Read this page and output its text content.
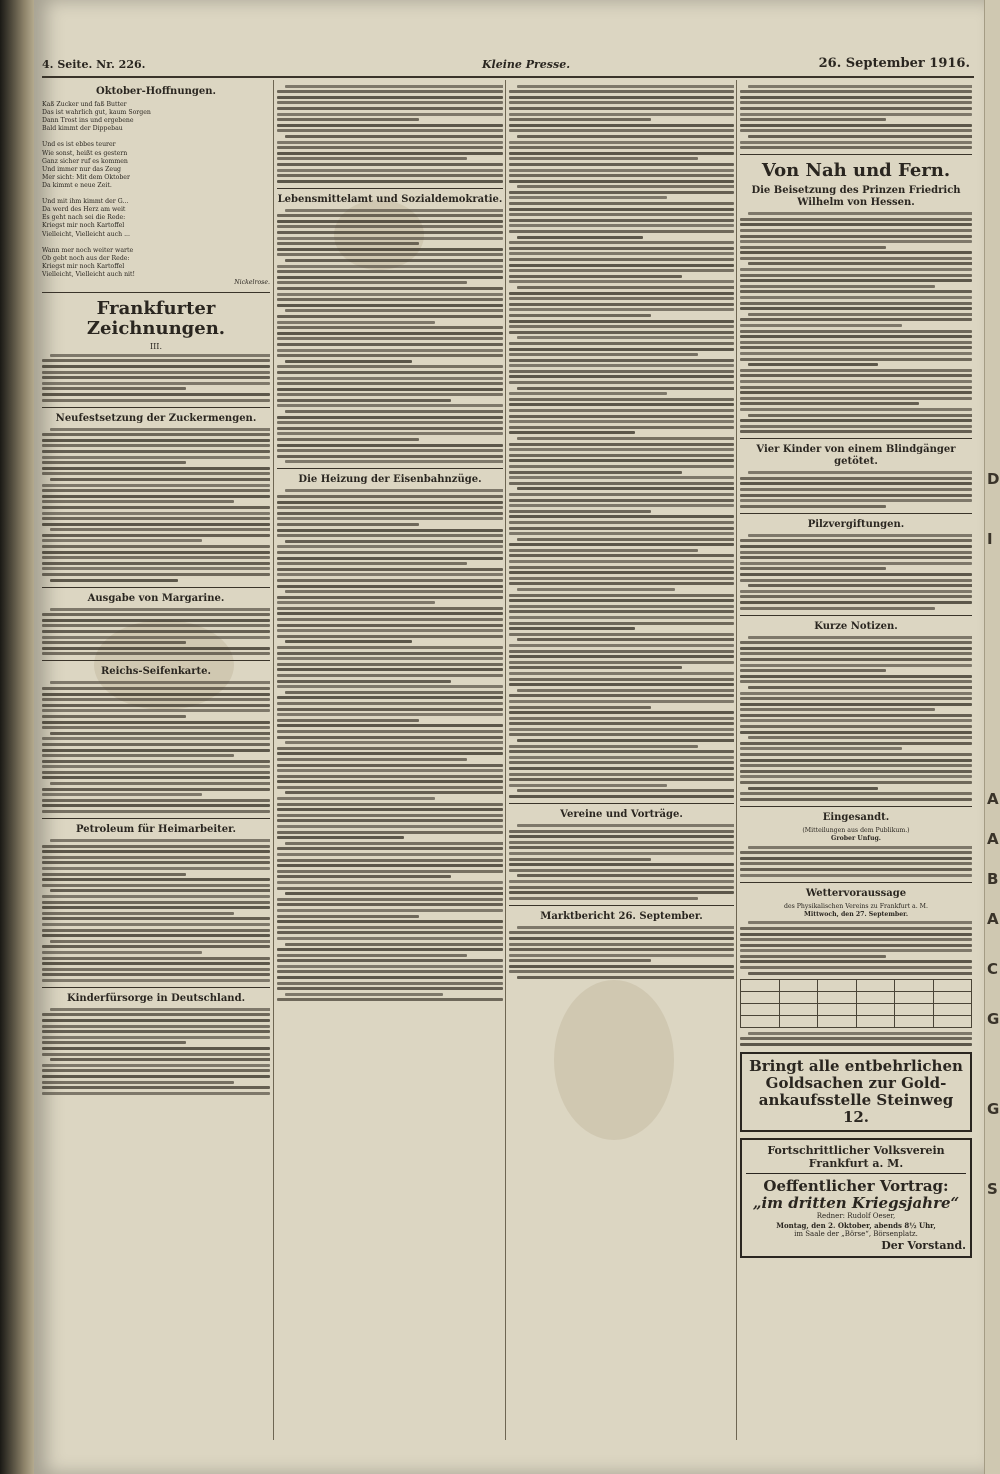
4. Seite. Nr. 226.	Kleine Presse.	26. September 1916.
Oktober-Hoffnungen.

Kaß Zucker und faß Butter

Das ist wahrlich gut, kaum Sorgen

Dann Trost ins und ergebene

Bald kimmt der Dippebau

Und es ist ebbes teurer

Wie sonst, heißt es gestern

Ganz sicher ruf es kommen

Und immer nur das Zeug

Mer sicht: Mit dem Oktober

Da kimmt e neue Zeit.

Und mit ihm kimmt der G...

Da werd des Herz am weit

Es geht nach sei die Rede:

Kriegst mir noch Kartoffel

Vielleicht, Vielleicht auch ...

Wann mer noch weiter warte

Ob gebt noch aus der Rede:

Kriegst mir noch Kartoffel

Vielleicht, Vielleicht auch nit!

Nickelrose.
Frankfurter Zeichnungen.
III.
Neufestsetzung der Zuckermengen.
Ausgabe von Margarine.
Reichs-Seifenkarte.
Petroleum für Heimarbeiter.
Kinderfürsorge in Deutschland.
Lebensmittelamt und Sozialdemokratie.
Die Heizung der Eisenbahnzüge.
Vereine und Vorträge.
Marktbericht 26. September.
Von Nah und Fern.
Die Beisetzung des Prinzen Friedrich Wilhelm von Hessen.
Vier Kinder von einem Blindgänger getötet.
Pilzvergiftungen.
Kurze Notizen.
Eingesandt.
(Mitteilungen aus dem Publikum.)
Grober Unfug.
Wettervoraussage
des Physikalischen Vereins zu Frankfurt a. M.
Mittwoch, den 27. September.

Bringt alle entbehrlichen
Goldsachen zur Gold-
ankaufsstelle Steinweg 12.
Fortschrittlicher Volksverein Frankfurt a. M.
Oeffentlicher Vortrag:
„im dritten Kriegsjahre“
Redner: Rudolf Oeser,
Montag, den 2. Oktober, abends 8½ Uhr,
im Saale der „Börse“, Börsenplatz.
Der Vorstand.
D
I
A
A
B
A
C
G
G
S
